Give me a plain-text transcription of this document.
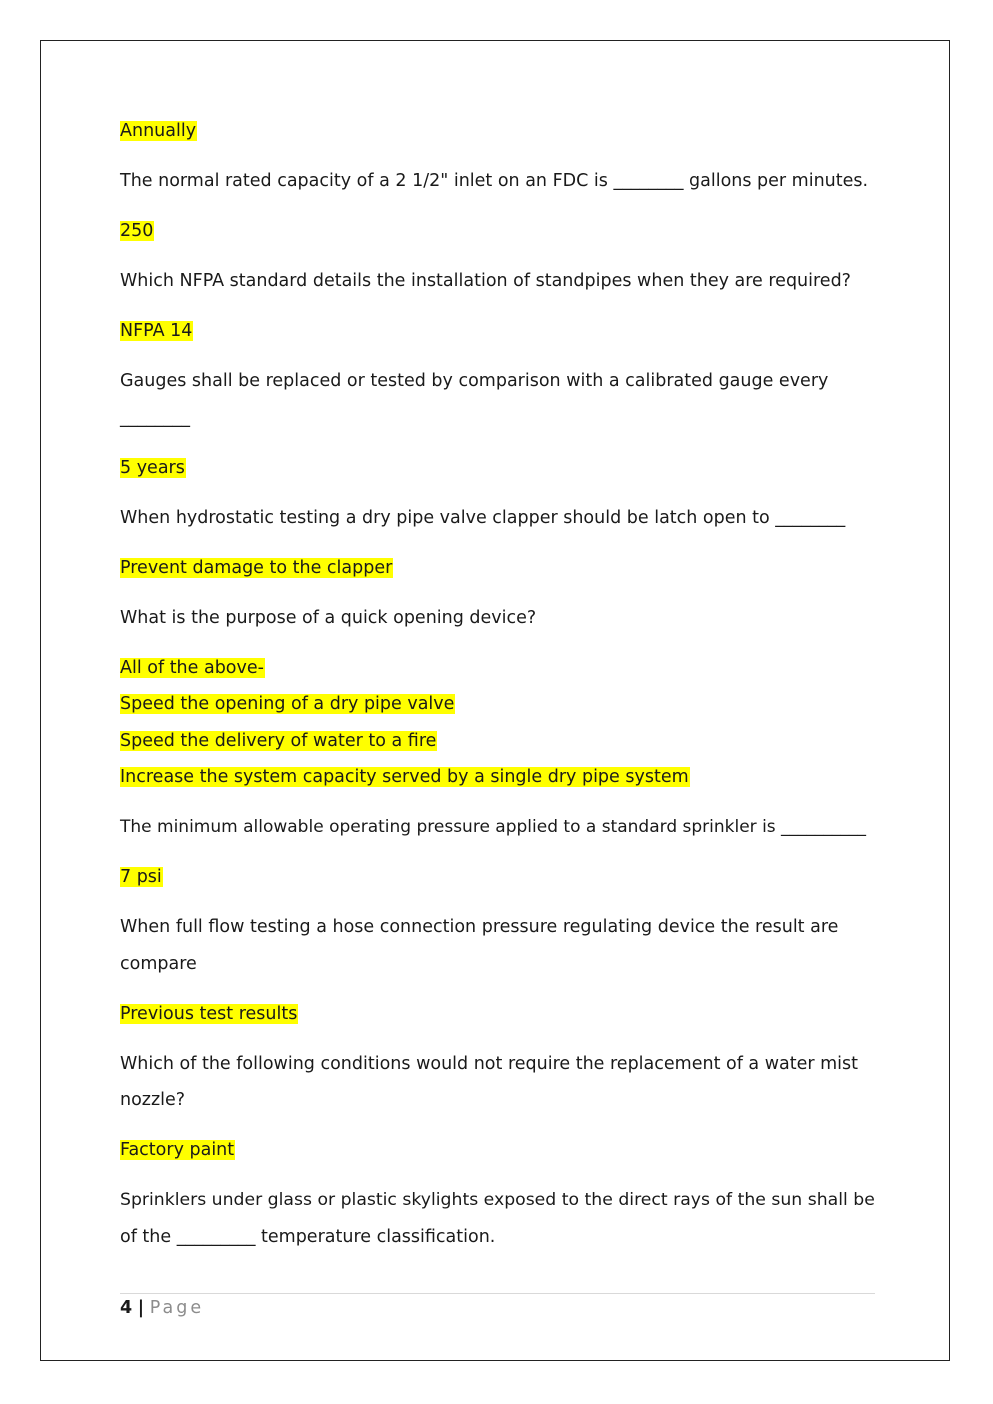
Annually
The normal rated capacity of a 2 1/2" inlet on an FDC is ________ gallons per minutes.
250
Which NFPA standard details the installation of standpipes when they are required?
NFPA 14
Gauges shall be replaced or tested by comparison with a calibrated gauge every
________
5 years
When hydrostatic testing a dry pipe valve clapper should be latch open to ________
Prevent damage to the clapper
What is the purpose of a quick opening device?
All of the above-
Speed the opening of a dry pipe valve
Speed the delivery of water to a fire
Increase the system capacity served by a single dry pipe system
The minimum allowable operating pressure applied to a standard sprinkler is __________
7 psi
When full flow testing a hose connection pressure regulating device the result are
compare
Previous test results
Which of the following conditions would not require the replacement of a water mist
nozzle?
Factory paint
Sprinklers under glass or plastic skylights exposed to the direct rays of the sun shall be
of the _________ temperature classification.
4 | Page
